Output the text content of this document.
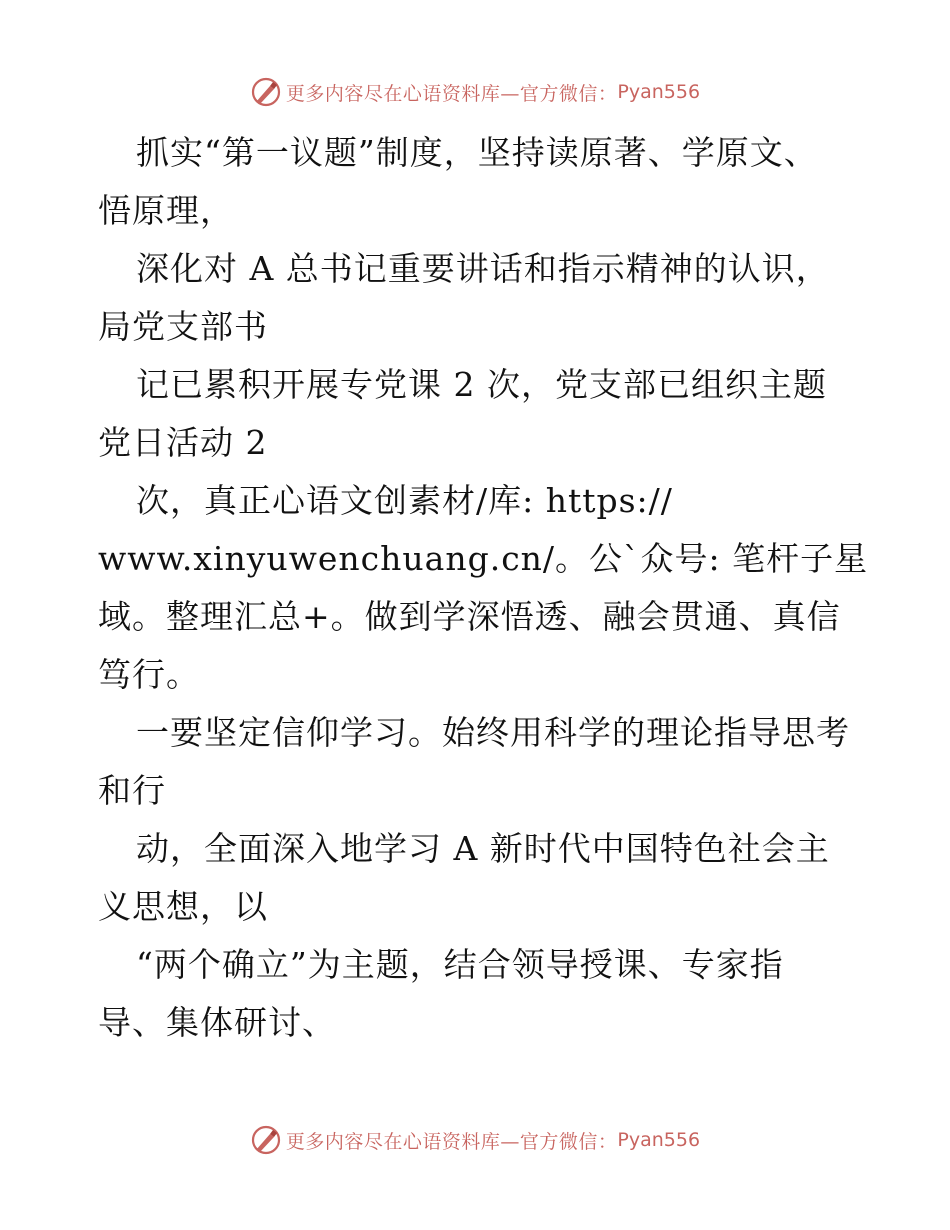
更多内容尽在心语资料库—官方微信： Pyan556
抓实“第一议题”制度，坚持读原著、学原文、
悟原理，
深化对 A 总书记重要讲话和指示精神的认识，
局党支部书
记已累积开展专党课 2 次，党支部已组织主题
党日活动 2
次，真正心语文创素材/库: https://
www.xinyuwenchuang.cn/。公`众号: 笔杆子星
域。整理汇总+。做到学深悟透、融会贯通、真信
笃行。
一要坚定信仰学习。始终用科学的理论指导思考
和行
动，全面深入地学习 A 新时代中国特色社会主
义思想，以
“两个确立”为主题，结合领导授课、专家指
导、集体研讨、
更多内容尽在心语资料库—官方微信： Pyan556
